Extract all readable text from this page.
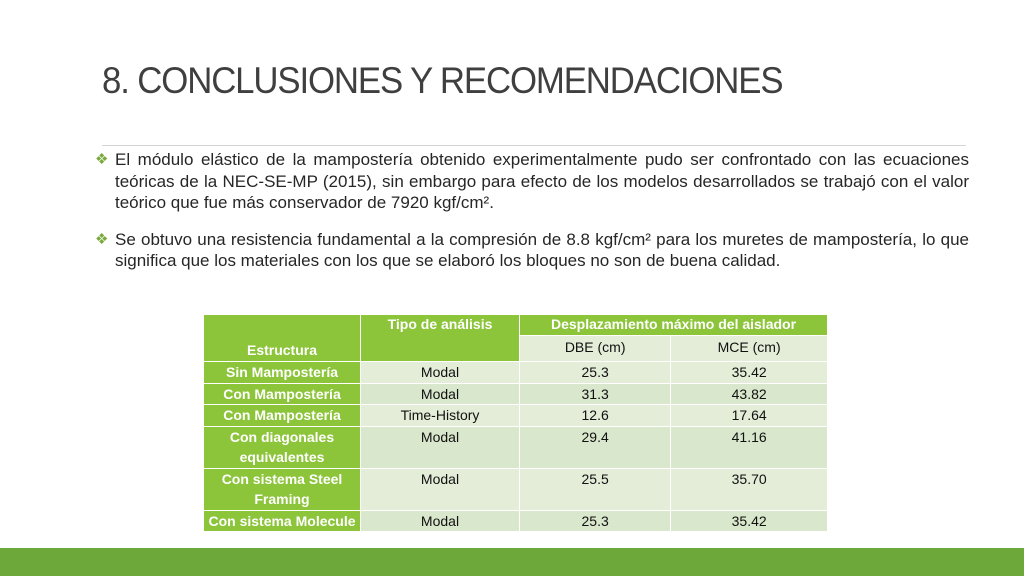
8. CONCLUSIONES Y RECOMENDACIONES
❖ El módulo elástico de la mampostería obtenido experimentalmente pudo ser confrontado con las ecuaciones teóricas de la NEC-SE-MP (2015), sin embargo para efecto de los modelos desarrollados se trabajó con el valor teórico que fue más conservador de 7920 kgf/cm².
❖ Se obtuvo una resistencia fundamental a la compresión de 8.8 kgf/cm² para los muretes de mampostería, lo que significa que los materiales con los que se elaboró los bloques no son de buena calidad.
Estructura	Tipo de análisis	Desplazamiento máximo del aislador	
		DBE (cm)	MCE (cm)
Sin Mampostería	Modal	25.3	35.42
Con Mampostería	Modal	31.3	43.82
Con Mampostería	Time-History	12.6	17.64
Con diagonales equivalentes	Modal	29.4	41.16
Con sistema Steel Framing	Modal	25.5	35.70
Con sistema Molecule	Modal	25.3	35.42
